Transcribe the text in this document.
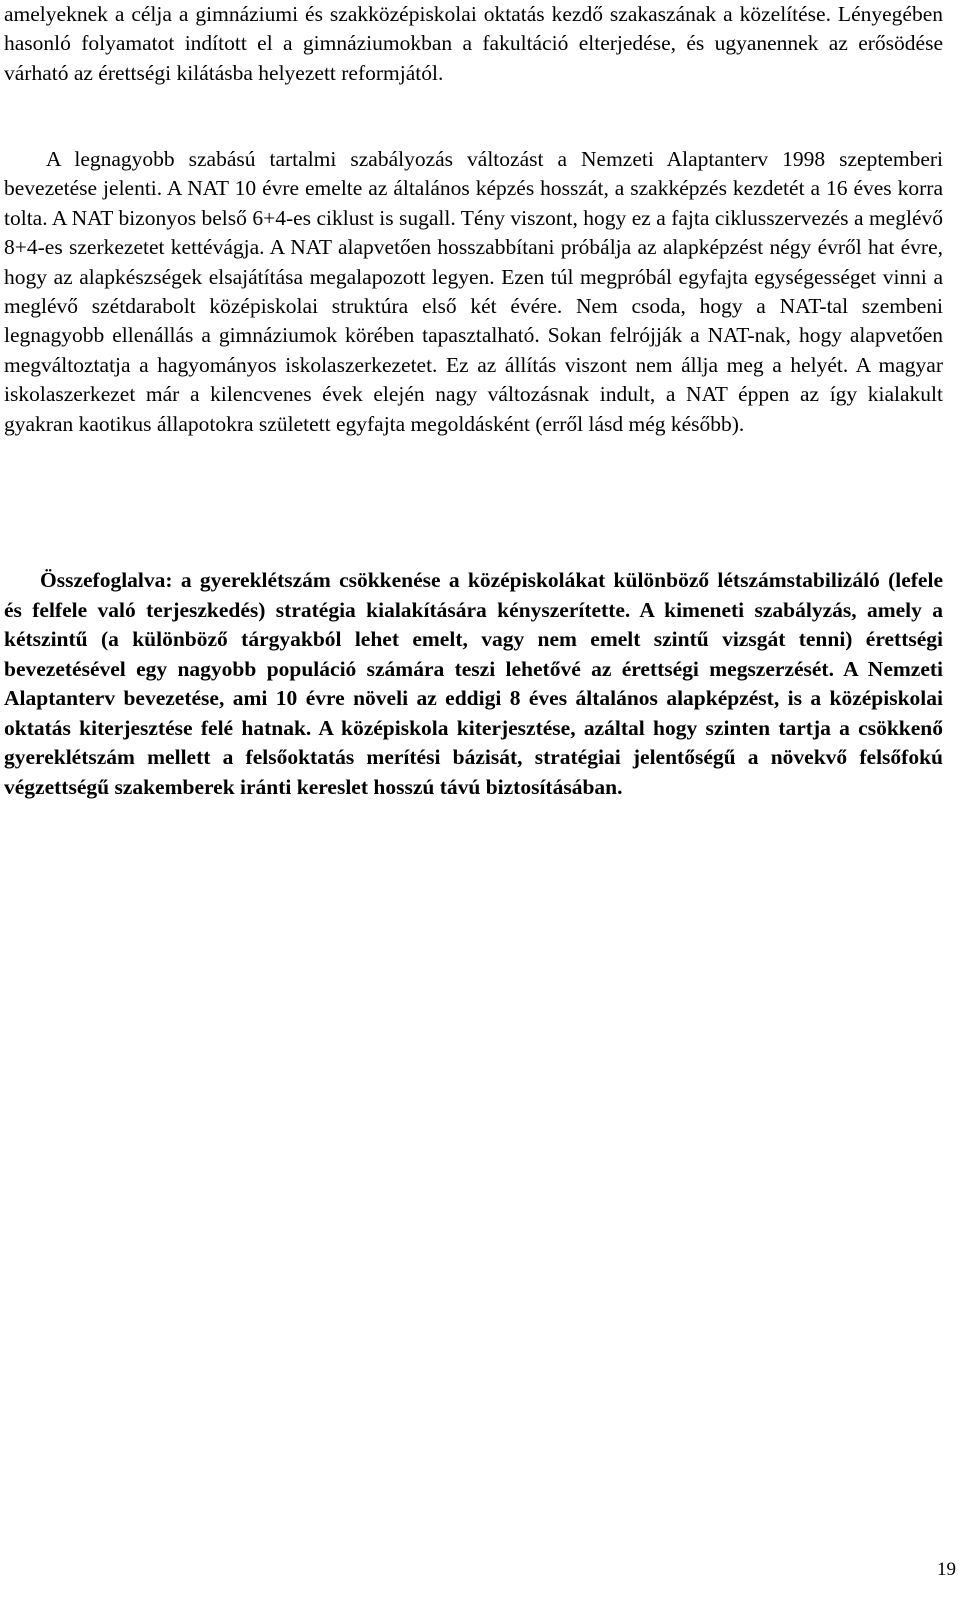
amelyeknek a célja a gimnáziumi és szakközépiskolai oktatás kezdő szakaszának a közelítése. Lényegében hasonló folyamatot indított el a gimnáziumokban a fakultáció elterjedése, és ugyanennek az erősödése várható az érettségi kilátásba helyezett reformjától.

A legnagyobb szabású tartalmi szabályozás változást a Nemzeti Alaptanterv 1998 szeptemberi bevezetése jelenti. A NAT 10 évre emelte az általános képzés hosszát, a szakképzés kezdetét a 16 éves korra tolta. A NAT bizonyos belső 6+4-es ciklust is sugall. Tény viszont, hogy ez a fajta ciklusszervezés a meglévő 8+4-es szerkezetet kettévágja. A NAT alapvetően hosszabbítani próbálja az alapképzést négy évről hat évre, hogy az alapkészségek elsajátítása megalapozott legyen. Ezen túl megpróbál egyfajta egységességet vinni a meglévő szétdarabolt középiskolai struktúra első két évére. Nem csoda, hogy a NAT-tal szembeni legnagyobb ellenállás a gimnáziumok körében tapasztalható. Sokan felrójják a NAT-nak, hogy alapvetően megváltoztatja a hagyományos iskolaszerkezetet. Ez az állítás viszont nem állja meg a helyét. A magyar iskolaszerkezet már a kilencvenes évek elején nagy változásnak indult, a NAT éppen az így kialakult gyakran kaotikus állapotokra született egyfajta megoldásként (erről lásd még később).

Összefoglalva: a gyereklétszám csökkenése a középiskolákat különböző létszámstabilizáló (lefele és felfele való terjeszkedés) stratégia kialakítására kényszerítette. A kimeneti szabályzás, amely a kétszintű (a különböző tárgyakból lehet emelt, vagy nem emelt szintű vizsgát tenni) érettségi bevezetésével egy nagyobb populáció számára teszi lehetővé az érettségi megszerzését. A Nemzeti Alaptanterv bevezetése, ami 10 évre növeli az eddigi 8 éves általános alapképzést, is a középiskolai oktatás kiterjesztése felé hatnak. A középiskola kiterjesztése, azáltal hogy szinten tartja a csökkenő gyereklétszám mellett a felsőoktatás merítési bázisát, stratégiai jelentőségű a növekvő felsőfokú végzettségű szakemberek iránti kereslet hosszú távú biztosításában.

19
